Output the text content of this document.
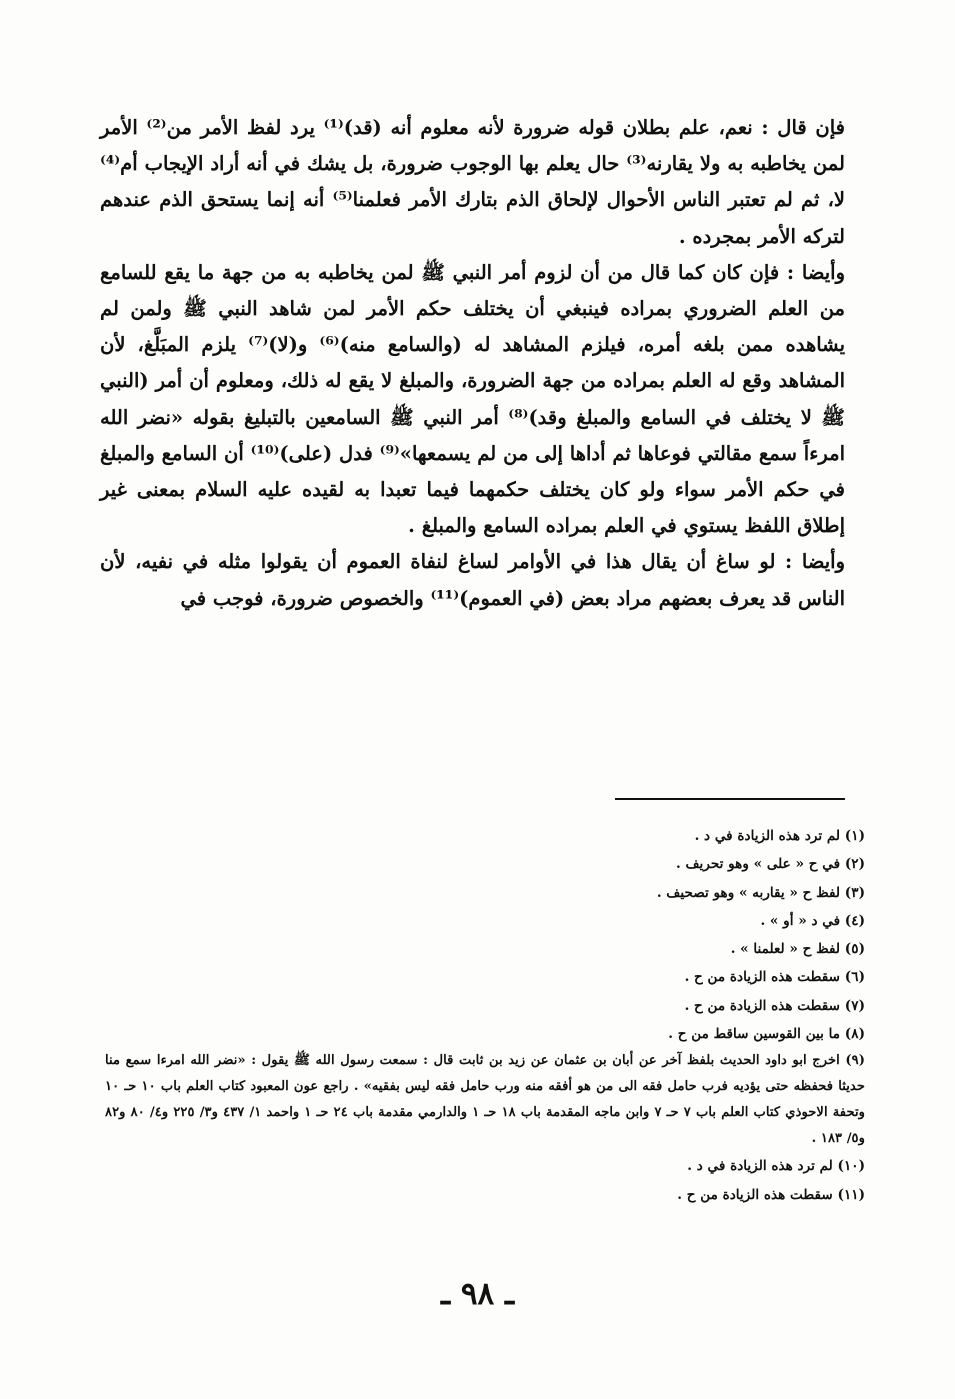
فإن قال : نعم، علم بطلان قوله ضرورة لأنه معلوم أنه (قد)⁽¹⁾ يرد لفظ الأمر من⁽²⁾ الأمر لمن يخاطبه به ولا يقارنه⁽³⁾ حال يعلم بها الوجوب ضرورة، بل يشك في أنه أراد الإيجاب أم⁽⁴⁾ لا، ثم لم تعتبر الناس الأحوال لإلحاق الذم بتارك الأمر فعلمنا⁽⁵⁾ أنه إنما يستحق الذم عندهم لتركه الأمر بمجرده .

وأيضا : فإن كان كما قال من أن لزوم أمر النبي ﷺ لمن يخاطبه به من جهة ما يقع للسامع من العلم الضروري بمراده فينبغي أن يختلف حكم الأمر لمن شاهد النبي ﷺ ولمن لم يشاهده ممن بلغه أمره، فيلزم المشاهد له (والسامع منه)⁽⁶⁾ و(لا)⁽⁷⁾ يلزم المبَلَّغ، لأن المشاهد وقع له العلم بمراده من جهة الضرورة، والمبلغ لا يقع له ذلك، ومعلوم أن أمر (النبي ﷺ لا يختلف في السامع والمبلغ وقد)⁽⁸⁾ أمر النبي ﷺ السامعين بالتبليغ بقوله «نضر الله امرءاً سمع مقالتي فوعاها ثم أداها إلى من لم يسمعها»⁽⁹⁾ فدل (على)⁽¹⁰⁾ أن السامع والمبلغ في حكم الأمر سواء ولو كان يختلف حكمهما فيما تعبدا به لقيده عليه السلام بمعنى غير إطلاق اللفظ يستوي في العلم بمراده السامع والمبلغ .

وأيضا : لو ساغ أن يقال هذا في الأوامر لساغ لنفاة العموم أن يقولوا مثله في نفيه، لأن الناس قد يعرف بعضهم مراد بعض (في العموم)⁽¹¹⁾ والخصوص ضرورة، فوجب في

(١) لم ترد هذه الزيادة في د .
(٢) في ح « على » وهو تحريف .
(٣) لفظ ح « يقاربه » وهو تصحيف .
(٤) في د « أو » .
(٥) لفظ ح « لعلمنا » .
(٦) سقطت هذه الزيادة من ح .
(٧) سقطت هذه الزيادة من ح .
(٨) ما بين القوسين ساقط من ح .
(٩) اخرج ابو داود الحديث بلفظ آخر عن أبان بن عثمان عن زيد بن ثابت قال : سمعت رسول الله ﷺ يقول : «نضر الله امرءا سمع منا حديثا فحفظه حتى يؤديه فرب حامل فقه الى من هو أفقه منه ورب حامل فقه ليس بفقيه» . راجع عون المعبود كتاب العلم باب ١٠ حـ ١٠ وتحفة الاحوذي كتاب العلم باب ٧ حـ ٧ وابن ماجه المقدمة باب ١٨ حـ ١ والدارمي مقدمة باب ٢٤ حـ ١ واحمد ١/ ٤٣٧ و٣/ ٢٢٥ و٤/ ٨٠ و٨٢ و٥/ ١٨٣ .
(١٠) لم ترد هذه الزيادة في د .
(١١) سقطت هذه الزيادة من ح .
ـ ٩٨ ـ
